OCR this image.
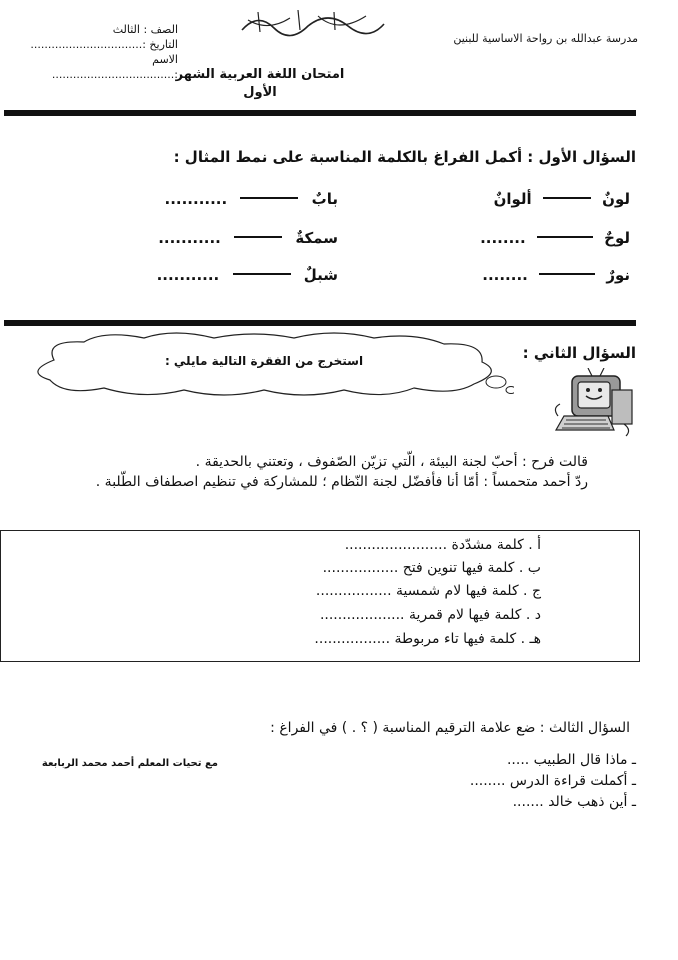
مدرسة عبدالله بن رواحة الاساسية للبنين
امتحان اللغة العربية الشهر
الأول
الصف : الثالث
التاريخ :................................
الاسم :...................................
السؤال الأول : أكمل الفراغ بالكلمة المناسبة على نمط المثال :
لونٌ  ألوانٌ
بابٌ  ...........
لوحٌ  ........
سمكةٌ  ...........
نورٌ  ........
شبلٌ  ...........
السؤال الثاني :
استخرج من الفقرة التالية مايلي :
قالت فرح : أحبّ لجنة البيئة ، الّتي تزيّن الصّفوف ، وتعتني بالحديقة .
ردّ أحمد متحمساً : أمّا أنا فأفضّل لجنة النّظام ؛ للمشاركة في تنظيم اصطفاف الطّلبة .
أ . كلمة مشدّدة .......................
ب . كلمة فيها تنوين فتح .................
ج . كلمة فيها لام شمسية .................
د . كلمة فيها لام قمرية ...................
هـ . كلمة فيها تاء مربوطة .................
السؤال الثالث : ضع علامة الترقيم المناسبة ( ؟ . ) في الفراغ :
مع تحيات المعلم أحمد محمد الربابعة	ـ ماذا قال الطبيب .....
ـ أكملت قراءة الدرس ........
ـ أين ذهب خالد .......
